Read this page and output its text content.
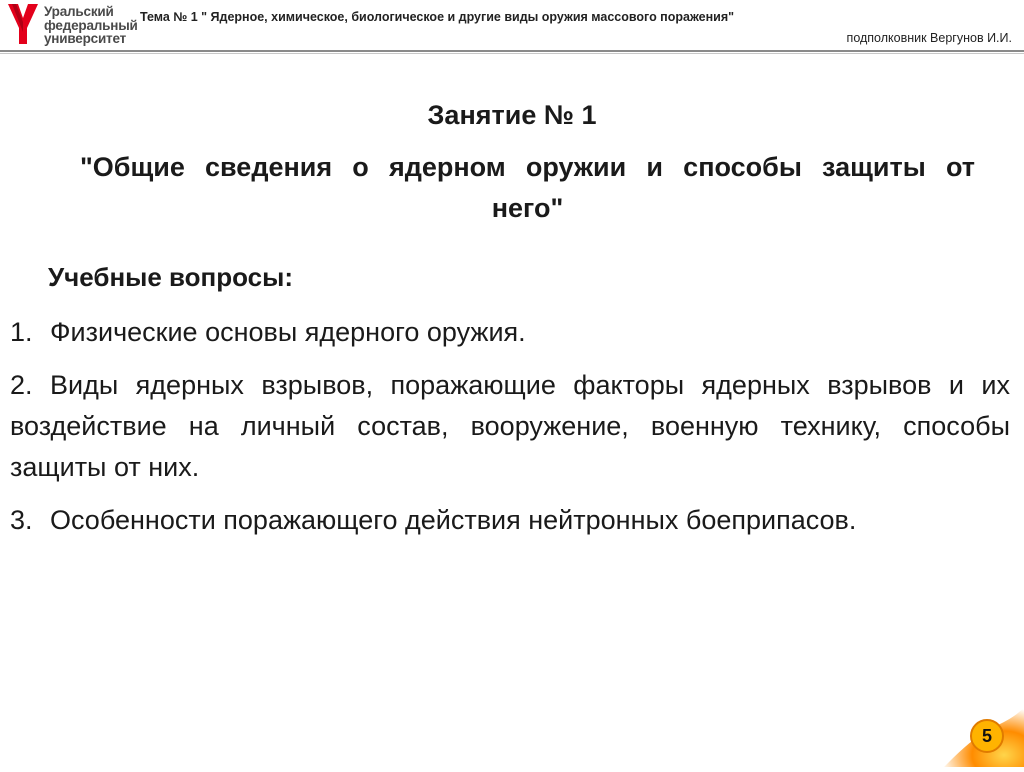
Уральский
федеральный
университет
Тема № 1 " Ядерное, химическое, биологическое и другие виды оружия массового поражения"
подполковник Вергунов И.И.
Занятие № 1
"Общие сведения о ядерном оружии и способы защиты от него"
Учебные вопросы:
1. Физические основы ядерного оружия.
2. Виды ядерных взрывов, поражающие факторы ядерных взрывов и их воздействие на личный состав, вооружение, военную технику, способы защиты от них.
3. Особенности поражающего действия нейтронных боеприпасов.
5
